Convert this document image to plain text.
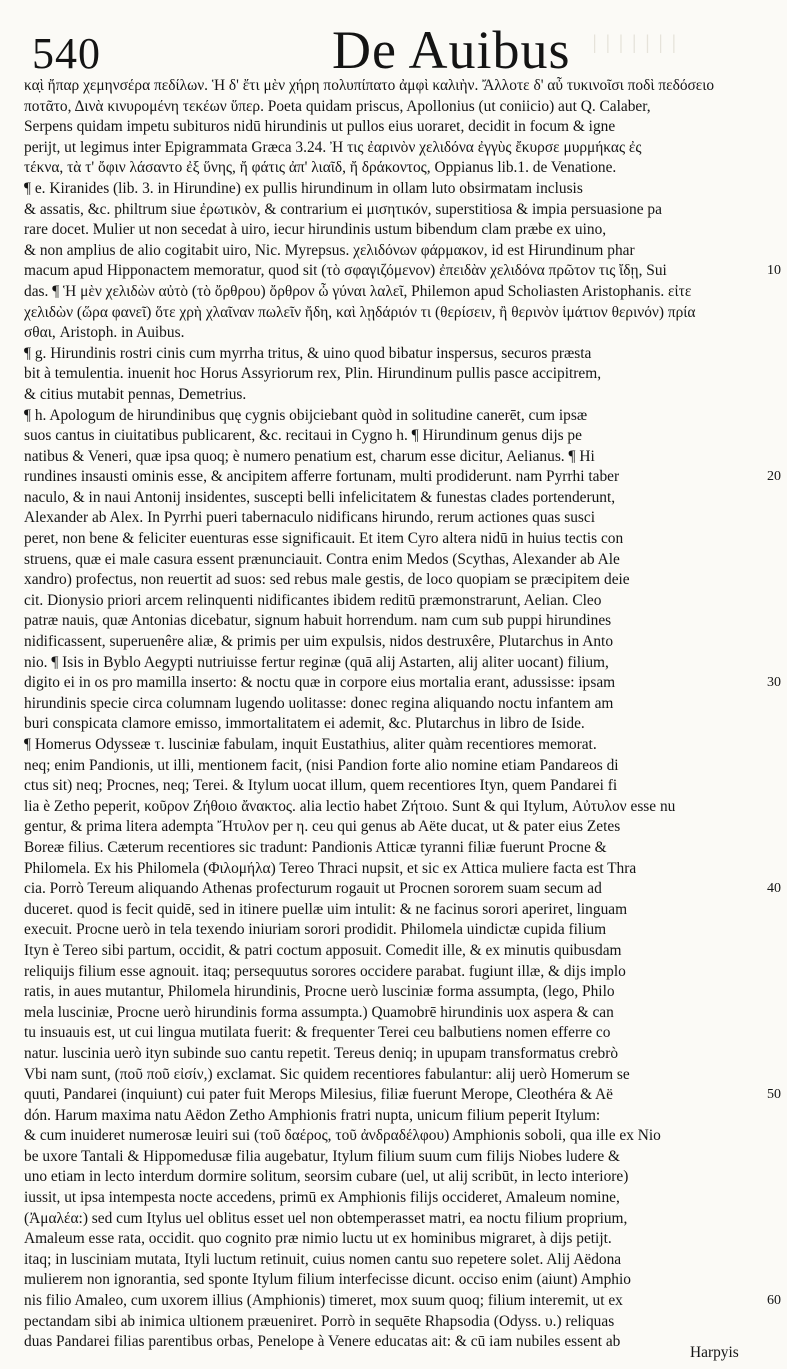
540	De Auibus ǀǀǀǀǀǀǀ
κα̣ὶ ἤπαρ χεμηνσέρα πεδίλων. Ἡ δ' ἔτι μὲν χήρη πολυπίπατο ἀμφὶ καλιὴν. Ἄλλοτε δ' αὖ τυκινοῖσι ποδὶ πεδόσειο
ποτᾶτο, Δινὰ κινυρομένη τεκέων ὕπερ. Poeta quidam priscus, Apollonius (ut coniicio) aut Q. Calaber,
Serpens quidam impetu subituros nidū hirundinis ut pullos eius uoraret, decidit in focum & igne
perijt, ut legimus inter Epigrammata Græca 3.24. Ἠ τις ἐαρινὸν χελιδόνα ἐγγὺς ἔκυρσε μυρμήκας ἐς
τέκνα, τὰ τ' ὄφιν λάσαντο ἐξ ὕνης, ἤ φάτις ἀπ' λιαῖδ, ἤ δράκοντος, Oppianus lib.1. de Venatione.
¶ e. Kiranides (lib. 3. in Hirundine) ex pullis hirundinum in ollam luto obsirmatam inclusis
& assatis, &c. philtrum siue ἐρωτικὸν, & contrarium ei μισητικόν, superstitiosa & impia persuasione pa
rare docet. Mulier ut non secedat à uiro, iecur hirundinis ustum bibendum clam præbe ex uino,
& non amplius de alio cogitabit uiro, Nic. Myrepsus. χελιδόνων φάρμακον, id est Hirundinum phar
macum apud Hipponactem memoratur, quod sit (τὸ σφαγιζόμενον) ἐπειδὰν χελιδόνα πρῶτον τις ἴδῃ, Sui
das. ¶ Ἡ μὲν χελιδὼν αὐτὸ (τὸ ὄρθρου) ὄρθρον ὦ γύναι λαλεῖ, Philemon apud Scholiasten Aristophanis. εἰτε
χελιδὼν (ὥρα φανεῖ) ὅτε χρὴ χλαῖναν πωλεῖν ἤδη, καὶ λῃδάριόν τι (θερίσειν, ἢ θερινὸν ἱμάτιον θερινόν) πρία
σθαι, Aristoph. in Auibus.
¶ g. Hirundinis rostri cinis cum myrrha tritus, & uino quod bibatur inspersus, securos præsta
bit à temulentia. inuenit hoc Horus Assyriorum rex, Plin. Hirundinum pullis pasce accipitrem,
& citius mutabit pennas, Demetrius.
¶ h. Apologum de hirundinibus quę cygnis obijciebant quòd in solitudine canerēt, cum ipsæ
suos cantus in ciuitatibus publicarent, &c. recitaui in Cygno h. ¶ Hirundinum genus dijs pe
natibus & Veneri, quæ ipsa quoq; è numero penatium est, charum esse dicitur, Aelianus. ¶ Hi
rundines insausti ominis esse, & ancipitem afferre fortunam, multi prodiderunt. nam Pyrrhi taber
naculo, & in naui Antonij insidentes, suscepti belli infelicitatem & funestas clades portenderunt,
Alexander ab Alex. In Pyrrhi pueri tabernaculo nidificans hirundo, rerum actiones quas susci
peret, non bene & feliciter euenturas esse significauit. Et item Cyro altera nidū in huius tectis con
struens, quæ ei male casura essent prænunciauit. Contra enim Medos (Scythas, Alexander ab Ale
xandro) profectus, non reuertit ad suos: sed rebus male gestis, de loco quopiam se præcipitem deie
cit. Dionysio priori arcem relinquenti nidificantes ibidem reditū præmonstrarunt, Aelian. Cleo
patræ nauis, quæ Antonias dicebatur, signum habuit horrendum. nam cum sub puppi hirundines
nidificassent, superuenêre aliæ, & primis per uim expulsis, nidos destruxêre, Plutarchus in Anto
nio. ¶ Isis in Byblo Aegypti nutriuisse fertur reginæ (quā alij Astarten, alij aliter uocant) filium,
digito ei in os pro mamilla inserto: & noctu quæ in corpore eius mortalia erant, adussisse: ipsam
hirundinis specie circa columnam lugendo uolitasse: donec regina aliquando noctu infantem am
buri conspicata clamore emisso, immortalitatem ei ademit, &c. Plutarchus in libro de Iside.
¶ Homerus Odysseæ τ. lusciniæ fabulam, inquit Eustathius, aliter quàm recentiores memorat.
neq; enim Pandionis, ut illi, mentionem facit, (nisi Pandion forte alio nomine etiam Pandareos di
ctus sit) neq; Procnes, neq; Terei. & Itylum uocat illum, quem recentiores Ityn, quem Pandarei fi
lia è Zetho peperit, κοῦρον Ζήθοιο ἄνακτος. alia lectio habet Ζήτοιο. Sunt & qui Itylum, Αὐτυλον esse nu
gentur, & prima litera adempta Ἤτυλον per η. ceu qui genus ab Aëte ducat, ut & pater eius Zetes
Boreæ filius. Cæterum recentiores sic tradunt: Pandionis Atticæ tyranni filiæ fuerunt Procne &
Philomela. Ex his Philomela (Φιλομήλα) Tereo Thraci nupsit, et sic ex Attica muliere facta est Thra
cia. Porrò Tereum aliquando Athenas profecturum rogauit ut Procnen sororem suam secum ad
duceret. quod is fecit quidē, sed in itinere puellæ uim intulit: & ne facinus sorori aperiret, linguam
execuit. Procne uerò in tela texendo iniuriam sorori prodidit. Philomela uindictæ cupida filium
Ityn è Tereo sibi partum, occidit, & patri coctum apposuit. Comedit ille, & ex minutis quibusdam
reliquijs filium esse agnouit. itaq; persequutus sorores occidere parabat. fugiunt illæ, & dijs implo
ratis, in aues mutantur, Philomela hirundinis, Procne uerò lusciniæ forma assumpta, (lego, Philo
mela lusciniæ, Procne uerò hirundinis forma assumpta.) Quamobrē hirundinis uox aspera & can
tu insuauis est, ut cui lingua mutilata fuerit: & frequenter Terei ceu balbutiens nomen efferre co
natur. luscinia uerò ityn subinde suo cantu repetit. Tereus deniq; in upupam transformatus crebrò
Vbi nam sunt, (ποῦ ποῦ εἰσίν,) exclamat. Sic quidem recentiores fabulantur: alij uerò Homerum se
quuti, Pandarei (inquiunt) cui pater fuit Merops Milesius, filiæ fuerunt Merope, Cleothéra & Aë
dón. Harum maxima natu Aëdon Zetho Amphionis fratri nupta, unicum filium peperit Itylum:
& cum inuideret numerosæ leuiri sui (τοῦ δαέρος, τοῦ ἀνδραδέλφου) Amphionis soboli, qua ille ex Nio
be uxore Tantali & Hippomedusæ filia augebatur, Itylum filium suum cum filijs Niobes ludere &
uno etiam in lecto interdum dormire solitum, seorsim cubare (uel, ut alij scribūt, in lecto interiore)
iussit, ut ipsa intempesta nocte accedens, primū ex Amphionis filijs occideret, Amaleum nomine,
(Ἀμαλέα:) sed cum Itylus uel oblitus esset uel non obtemperasset matri, ea noctu filium proprium,
Amaleum esse rata, occidit. quo cognito præ nimio luctu ut ex hominibus migraret, à dijs petijt.
itaq; in lusciniam mutata, Ityli luctum retinuit, cuius nomen cantu suo repetere solet. Alij Aëdona
mulierem non ignorantia, sed sponte Itylum filium interfecisse dicunt. occiso enim (aiunt) Amphio
nis filio Amaleo, cum uxorem illius (Amphionis) timeret, mox suum quoq; filium interemit, ut ex
pectandam sibi ab inimica ultionem præueniret. Porrò in sequēte Rhapsodia (Odyss. υ.) reliquas
duas Pandarei filias parentibus orbas, Penelope à Venere educatas ait: & cū iam nubiles essent ab
Harpyis
10
20
30
40
50
60
